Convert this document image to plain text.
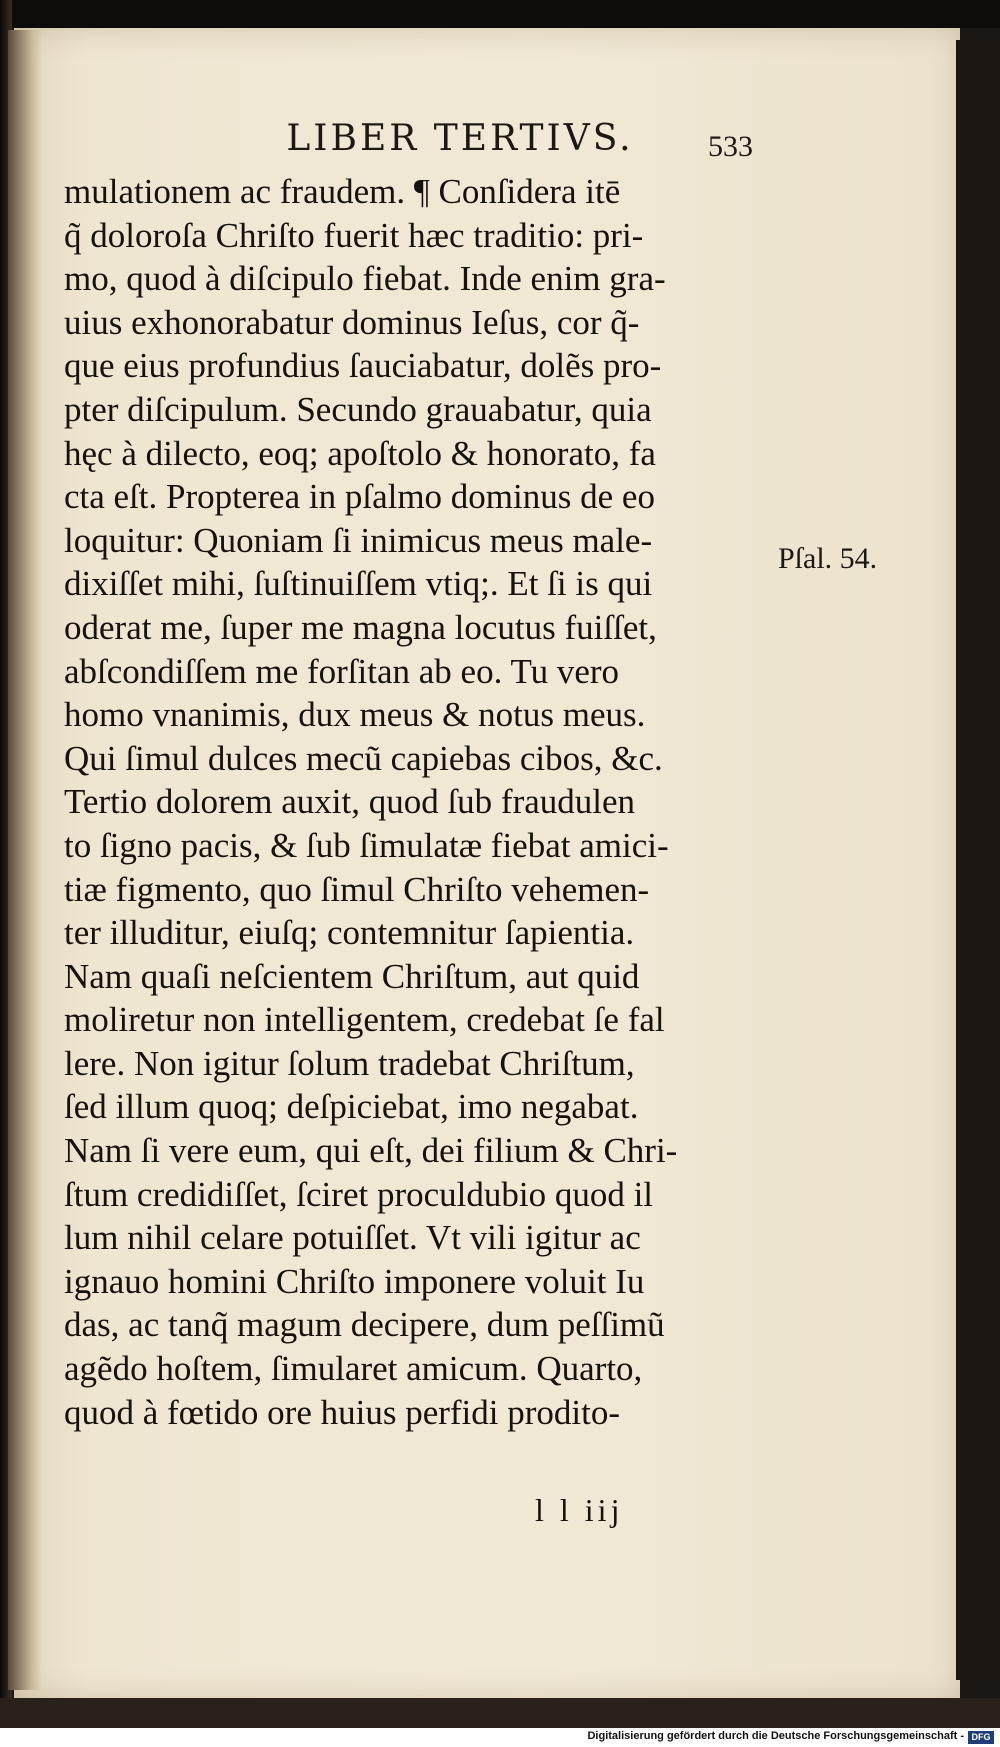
LIBER TERTIVS.	533
mulationem ac fraudem. ¶ Conſidera itē
q̃ doloroſa Chriſto fuerit hæc traditio: pri-
mo, quod à diſcipulo fiebat. Inde enim gra-
uius exhonorabatur dominus Ieſus, cor q̃-
que eius profundius ſauciabatur, dolẽs pro-
pter diſcipulum. Secundo grauabatur, quia
hęc à dilecto, eoq; apoſtolo & honorato, fa
cta eſt. Propterea in pſalmo dominus de eo
loquitur: Quoniam ſi inimicus meus male-
dixiſſet mihi, ſuſtinuiſſem vtiq;. Et ſi is qui
oderat me, ſuper me magna locutus fuiſſet,
abſcondiſſem me forſitan ab eo. Tu vero
homo vnanimis, dux meus & notus meus.
Qui ſimul dulces mecũ capiebas cibos, &c.
Tertio dolorem auxit, quod ſub fraudulen
to ſigno pacis, & ſub ſimulatæ fiebat amici-
tiæ figmento, quo ſimul Chriſto vehemen-
ter illuditur, eiuſq; contemnitur ſapientia.
Nam quaſi neſcientem Chriſtum, aut quid
moliretur non intelligentem, credebat ſe fal
lere. Non igitur ſolum tradebat Chriſtum,
ſed illum quoq; deſpiciebat, imo negabat.
Nam ſi vere eum, qui eſt, dei filium & Chri-
ſtum credidiſſet, ſciret proculdubio quod il
lum nihil celare potuiſſet. Vt vili igitur ac
ignauo homini Chriſto imponere voluit Iu
das, ac tanq̃ magum decipere, dum peſſimũ
agẽdo hoſtem, ſimularet amicum. Quarto,
quod à fœtido ore huius perfidi prodito-
Pſal. 54.
l l iij
Digitalisierung gefördert durch die Deutsche Forschungsgemeinschaft - DFG
